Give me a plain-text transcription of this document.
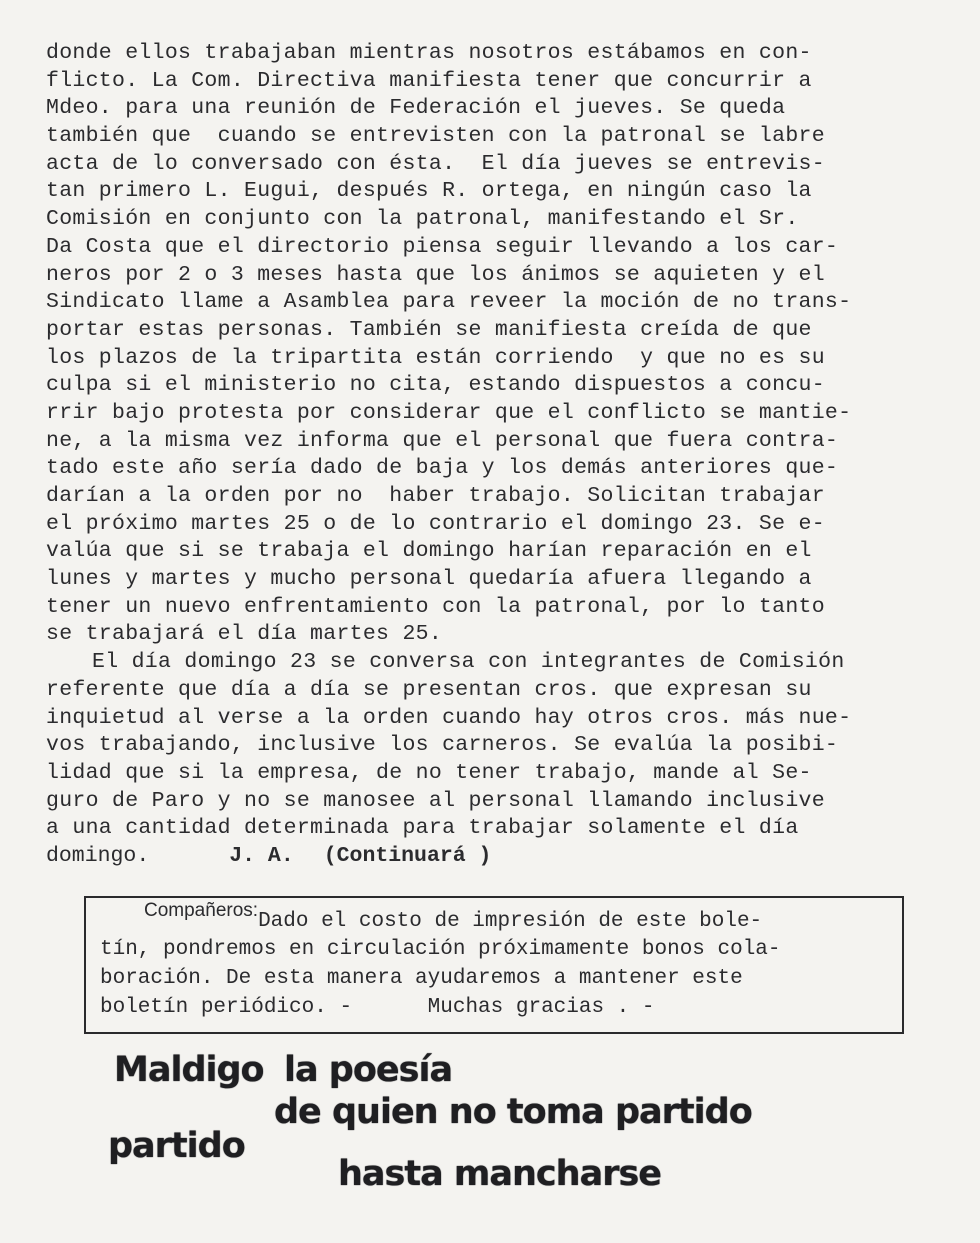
donde ellos trabajaban mientras nosotros estábamos en con-
flicto. La Com. Directiva manifiesta tener que concurrir a
Mdeo. para una reunión de Federación el jueves. Se queda
también que  cuando se entrevisten con la patronal se labre
acta de lo conversado con ésta.  El día jueves se entrevis-
tan primero L. Eugui, después R. ortega, en ningún caso la
Comisión en conjunto con la patronal, manifestando el Sr.
Da Costa que el directorio piensa seguir llevando a los car-
neros por 2 o 3 meses hasta que los ánimos se aquieten y el
Sindicato llame a Asamblea para reveer la moción de no trans-
portar estas personas. También se manifiesta creída de que
los plazos de la tripartita están corriendo  y que no es su
culpa si el ministerio no cita, estando dispuestos a concu-
rrir bajo protesta por considerar que el conflicto se mantie-
ne, a la misma vez informa que el personal que fuera contra-
tado este año sería dado de baja y los demás anteriores que-
darían a la orden por no  haber trabajo. Solicitan trabajar
el próximo martes 25 o de lo contrario el domingo 23. Se e-
valúa que si se trabaja el domingo harían reparación en el
lunes y martes y mucho personal quedaría afuera llegando a
tener un nuevo enfrentamiento con la patronal, por lo tanto
se trabajará el día martes 25.
El día domingo 23 se conversa con integrantes de Comisión
referente que día a día se presentan cros. que expresan su
inquietud al verse a la orden cuando hay otros cros. más nue-
vos trabajando, inclusive los carneros. Se evalúa la posibi-
lidad que si la empresa, de no tener trabajo, mande al Se-
guro de Paro y no se manosee al personal llamando inclusive
a una cantidad determinada para trabajar solamente el día
domingo.	J. A. (Continuará )
Compañeros:Dado el costo de impresión de este bole-
tín, pondremos en circulación próximamente bonos cola-
boración. De esta manera ayudaremos a mantener este
boletín periódico. -      Muchas gracias . -
Maldigo la poesía
de quien no toma partido
partido
hasta mancharse
